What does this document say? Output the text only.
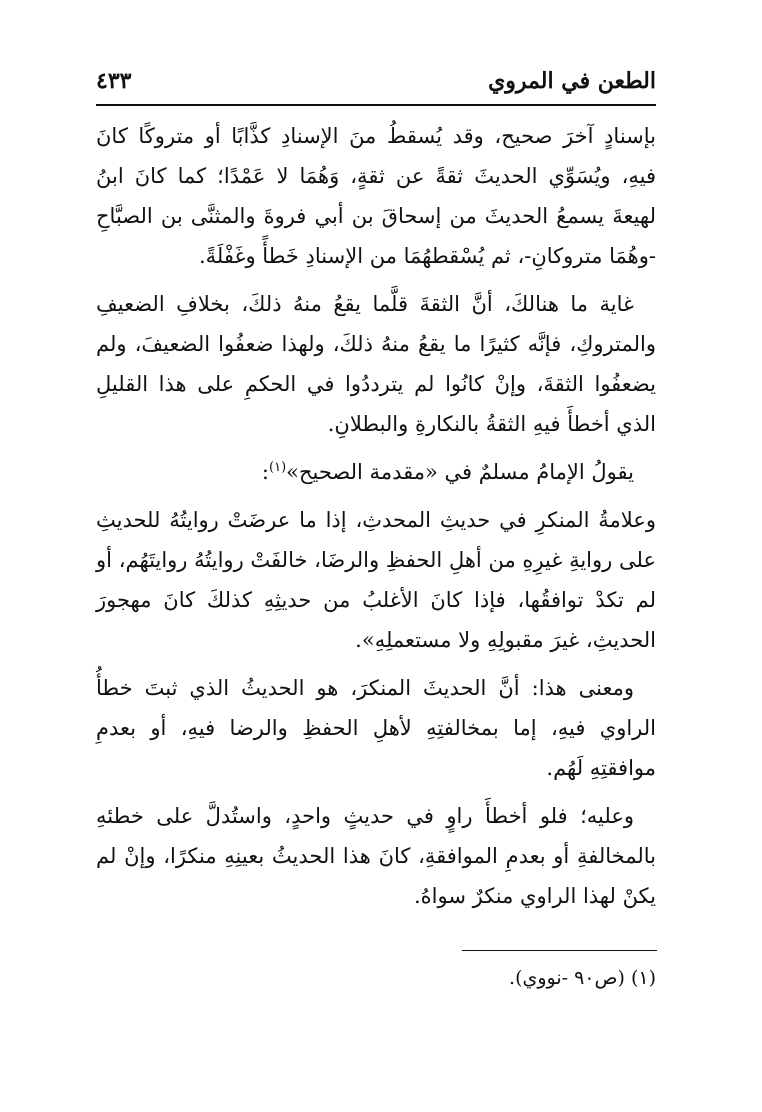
الطعن في المروي
٤٣٣

بإسنادٍ آخرَ صحيح، وقد يُسقطُ منَ الإسنادِ كذَّابًا أو متروكًا كانَ فيهِ، ويُسَوِّي الحديثَ ثقةً عن ثقةٍ، وَهُمَا لا عَمْدًا؛ كما كانَ ابنُ لهيعةَ يسمعُ الحديثَ من إسحاقَ بن أبي فروةَ والمثنَّى بن الصبَّاحِ -وهُمَا متروكانِ-، ثم يُسْقطهُمَا من الإسنادِ خَطأً وغَفْلَةً.

غاية ما هنالكَ، أنَّ الثقةَ قلَّما يقعُ منهُ ذلكَ، بخلافِ الضعيفِ والمتروكِ، فإنَّه كثيرًا ما يقعُ منهُ ذلكَ، ولهذا ضعفُوا الضعيفَ، ولم يضعفُوا الثقةَ، وإنْ كانُوا لم يترددُوا في الحكمِ على هذا القليلِ الذي أخطأَ فيهِ الثقةُ بالنكارةِ والبطلانِ.

يقولُ الإمامُ مسلمٌ في «مقدمة الصحيح»$^{(١)}$:

وعلامةُ المنكرِ في حديثِ المحدثِ، إذا ما عرضَتْ روايتُهُ للحديثِ على روايةِ غيرِهِ من أهلِ الحفظِ والرضَا، خالفَتْ روايتُهُ روايتَهُم، أو لم تكدْ توافقُها، فإذا كانَ الأغلبُ من حديثِهِ كذلكَ كانَ مهجورَ الحديثِ، غيرَ مقبولِهِ ولا مستعملِهِ».

ومعنى هذا: أنَّ الحديثَ المنكرَ، هو الحديثُ الذي ثبتَ خطأُ الراوي فيهِ، إما بمخالفتِهِ لأهلِ الحفظِ والرضا فيهِ، أو بعدمِ موافقتِهِ لَهُم.

وعليه؛ فلو أخطأَ راوٍ في حديثٍ واحدٍ، واستُدلَّ على خطئهِ بالمخالفةِ أو بعدمِ الموافقةِ، كانَ هذا الحديثُ بعينِهِ منكرًا، وإنْ لم يكنْ لهذا الراوي منكرٌ سواهُ.

(١) (ص٩٠ -نووي).
